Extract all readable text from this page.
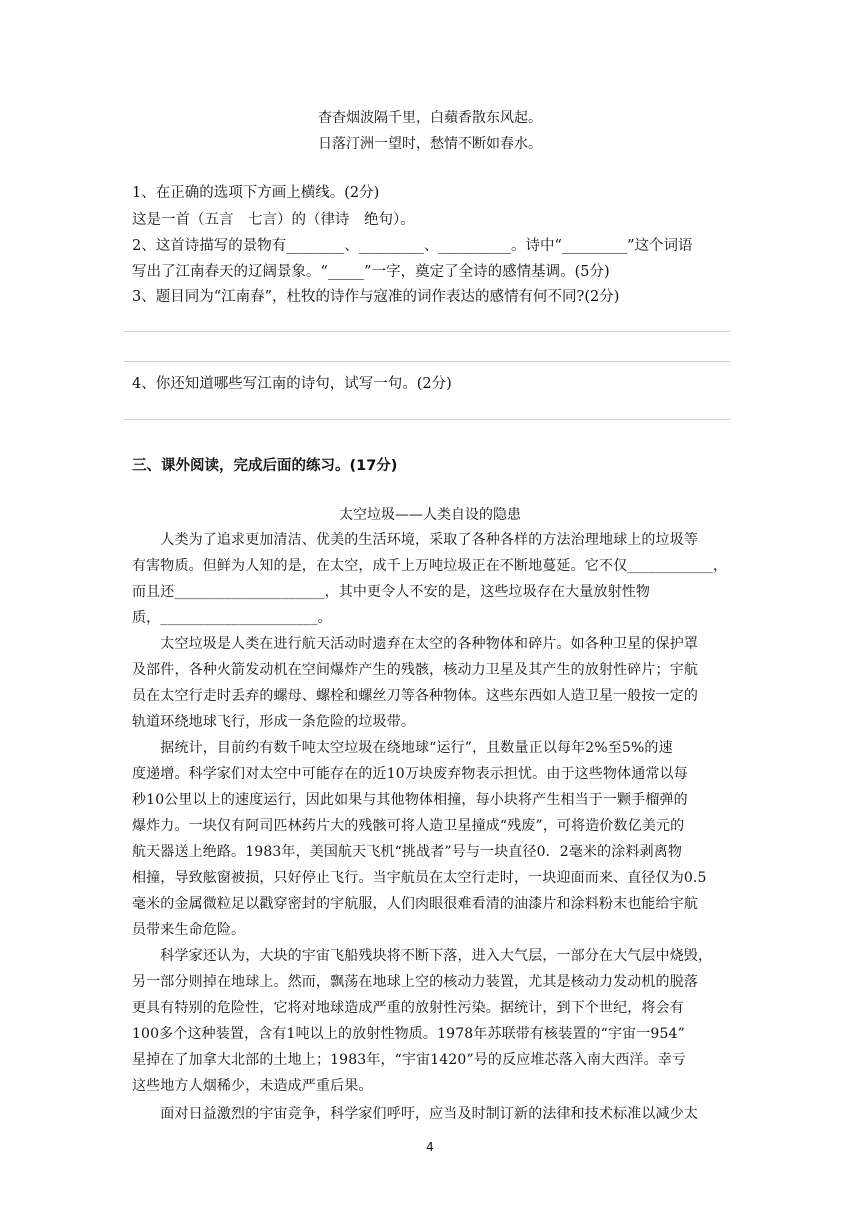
杳杳烟波隔千里，白蘋香散东风起。
日落汀洲一望时，愁情不断如春水。
1、在正确的选项下方画上横线。(2分)
这是一首（五言　七言）的（律诗　绝句）。
2、这首诗描写的景物有________、_________、__________。诗中“_________”这个词语
写出了江南春天的辽阔景象。“_____”一字，奠定了全诗的感情基调。(5分)
3、题目同为“江南春”，杜牧的诗作与寇准的词作表达的感情有何不同?(2分)
4、你还知道哪些写江南的诗句，试写一句。(2分)
三、课外阅读，完成后面的练习。(17分)
太空垃圾——人类自设的隐患
　　人类为了追求更加清洁、优美的生活环境，采取了各种各样的方法治理地球上的垃圾等
有害物质。但鲜为人知的是，在太空，成千上万吨垃圾正在不断地蔓延。它不仅____________，
而且还_____________________，其中更令人不安的是，这些垃圾存在大量放射性物
质，______________________。
　　太空垃圾是人类在进行航天活动时遗弃在太空的各种物体和碎片。如各种卫星的保护罩
及部件，各种火箭发动机在空间爆炸产生的残骸，核动力卫星及其产生的放射性碎片；宇航
员在太空行走时丢弃的螺母、螺栓和螺丝刀等各种物体。这些东西如人造卫星一般按一定的
轨道环绕地球飞行，形成一条危险的垃圾带。
　　据统计，目前约有数千吨太空垃圾在绕地球“运行”，且数量正以每年2%至5%的速
度递增。科学家们对太空中可能存在的近10万块废弃物表示担忧。由于这些物体通常以每
秒10公里以上的速度运行，因此如果与其他物体相撞，每小块将产生相当于一颗手榴弹的
爆炸力。一块仅有阿司匹林药片大的残骸可将人造卫星撞成“残废”，可将造价数亿美元的
航天器送上绝路。1983年，美国航天飞机“挑战者”号与一块直径0．2毫米的涂料剥离物
相撞，导致舷窗被损，只好停止飞行。当宇航员在太空行走时，一块迎面而来、直径仅为0.5
毫米的金属微粒足以戳穿密封的宇航服，人们肉眼很难看清的油漆片和涂料粉末也能给宇航
员带来生命危险。
　　科学家还认为，大块的宇宙飞船残块将不断下落，进入大气层，一部分在大气层中烧毁，
另一部分则掉在地球上。然而，飘荡在地球上空的核动力装置，尤其是核动力发动机的脱落
更具有特别的危险性，它将对地球造成严重的放射性污染。据统计，到下个世纪，将会有
100多个这种装置，含有1吨以上的放射性物质。1978年苏联带有核装置的“宇宙一954”
星掉在了加拿大北部的土地上；1983年，“宇宙1420”号的反应堆芯落入南大西洋。幸亏
这些地方人烟稀少，未造成严重后果。
　　面对日益激烈的宇宙竞争，科学家们呼吁，应当及时制订新的法律和技术标准以减少太
4
